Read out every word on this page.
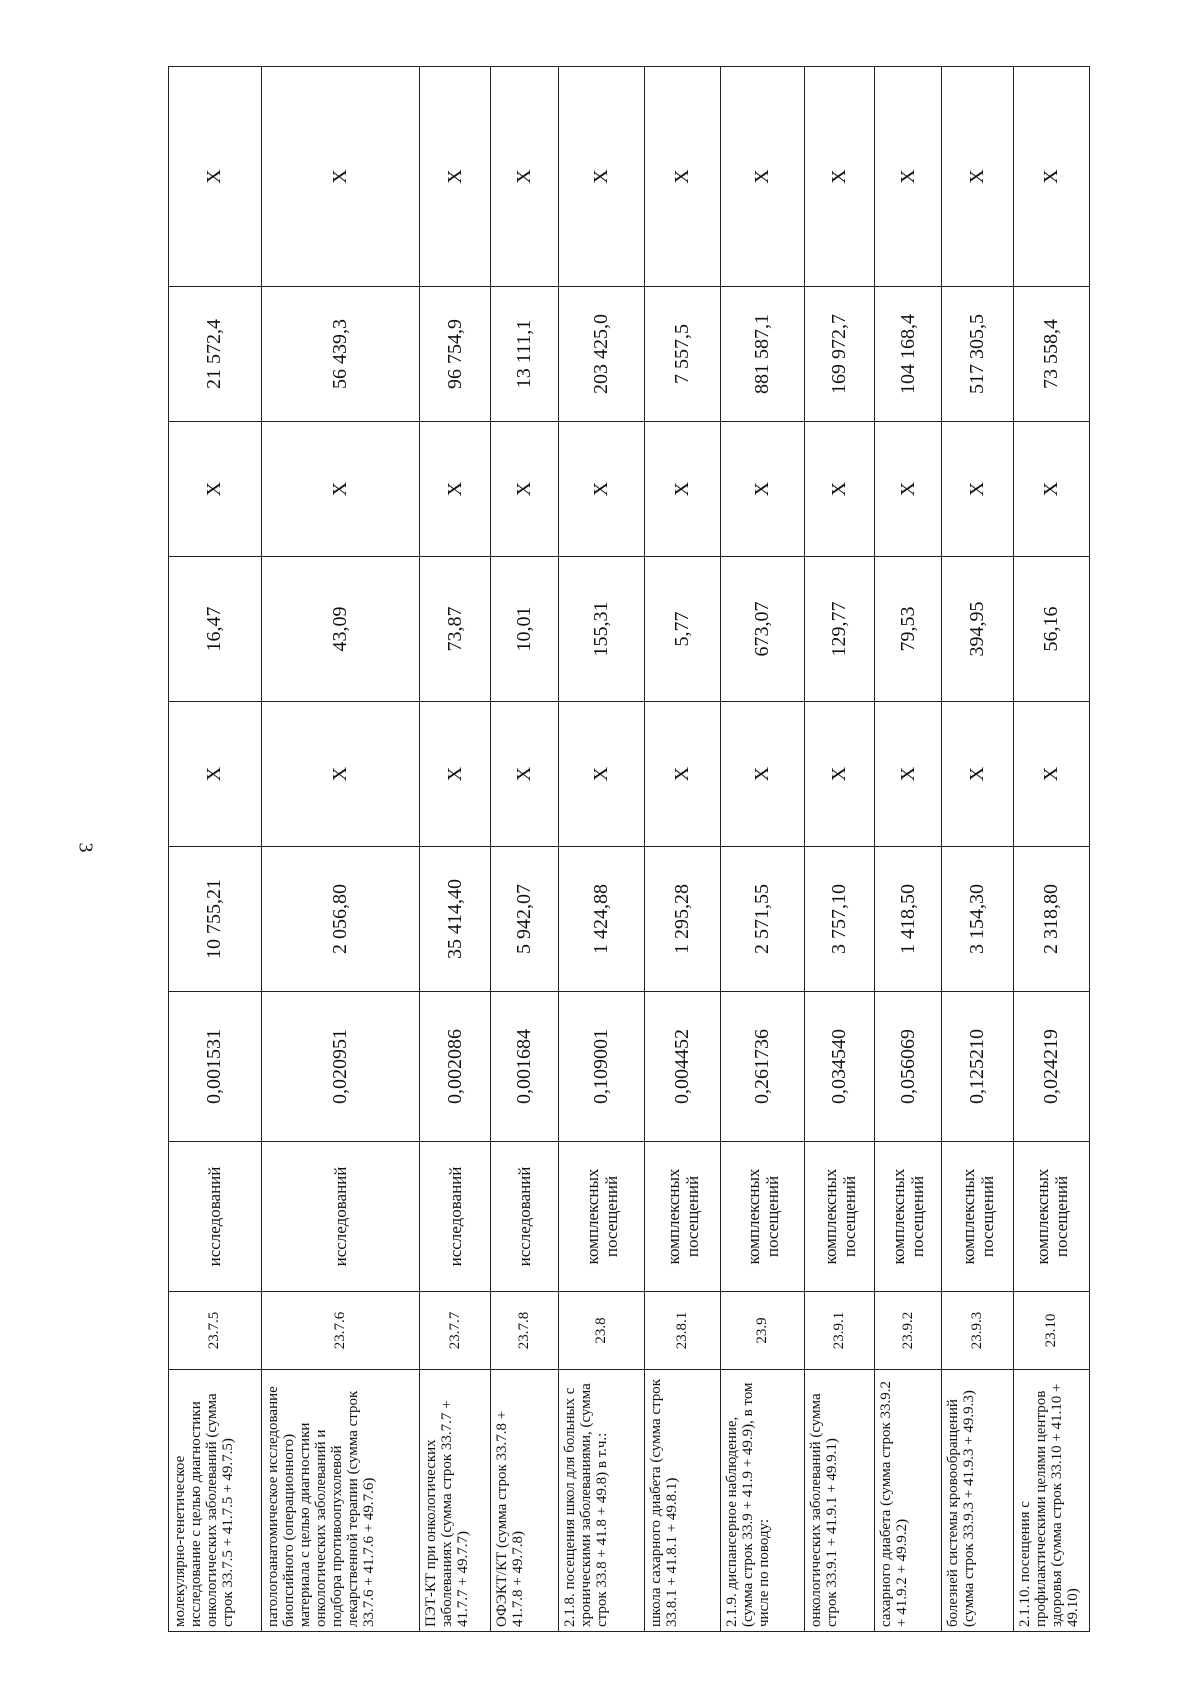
3
молекулярно-генетическое исследование с целью диагностики онкологических заболеваний (сумма строк 33.7.5 + 41.7.5 + 49.7.5)	23.7.5	исследований	0,001531	10 755,21	X	16,47	X	21 572,4	X
патологоанатомическое исследование биопсийного (операционного) материала с целью диагностики онкологических заболеваний и подбора противоопухолевой лекарственной терапии (сумма строк 33.7.6 + 41.7.6 + 49.7.6)	23.7.6	исследований	0,020951	2 056,80	X	43,09	X	56 439,3	X
ПЭТ-КТ при онкологических заболеваниях (сумма строк 33.7.7 + 41.7.7 + 49.7.7)	23.7.7	исследований	0,002086	35 414,40	X	73,87	X	96 754,9	X
ОФЭКТ/КТ (сумма строк 33.7.8 + 41.7.8 + 49.7.8)	23.7.8	исследований	0,001684	5 942,07	X	10,01	X	13 111,1	X
2.1.8. посещения школ для больных с хроническими заболеваниями, (сумма строк 33.8 + 41.8 + 49.8) в т.ч.:	23.8	комплексных посещений	0,109001	1 424,88	X	155,31	X	203 425,0	X
школа сахарного диабета (сумма строк 33.8.1 + 41.8.1 + 49.8.1)	23.8.1	комплексных посещений	0,004452	1 295,28	X	5,77	X	7 557,5	X
2.1.9. диспансерное наблюдение, (сумма строк 33.9 + 41.9 + 49.9), в том числе по поводу:	23.9	комплексных посещений	0,261736	2 571,55	X	673,07	X	881 587,1	X
онкологических заболеваний (сумма строк 33.9.1 + 41.9.1 + 49.9.1)	23.9.1	комплексных посещений	0,034540	3 757,10	X	129,77	X	169 972,7	X
сахарного диабета (сумма строк 33.9.2 + 41.9.2 + 49.9.2)	23.9.2	комплексных посещений	0,056069	1 418,50	X	79,53	X	104 168,4	X
болезней системы кровообращений (сумма строк 33.9.3 + 41.9.3 + 49.9.3)	23.9.3	комплексных посещений	0,125210	3 154,30	X	394,95	X	517 305,5	X
2.1.10. посещения с профилактическими целями центров здоровья (сумма строк 33.10 + 41.10 + 49.10)	23.10	комплексных посещений	0,024219	2 318,80	X	56,16	X	73 558,4	X
